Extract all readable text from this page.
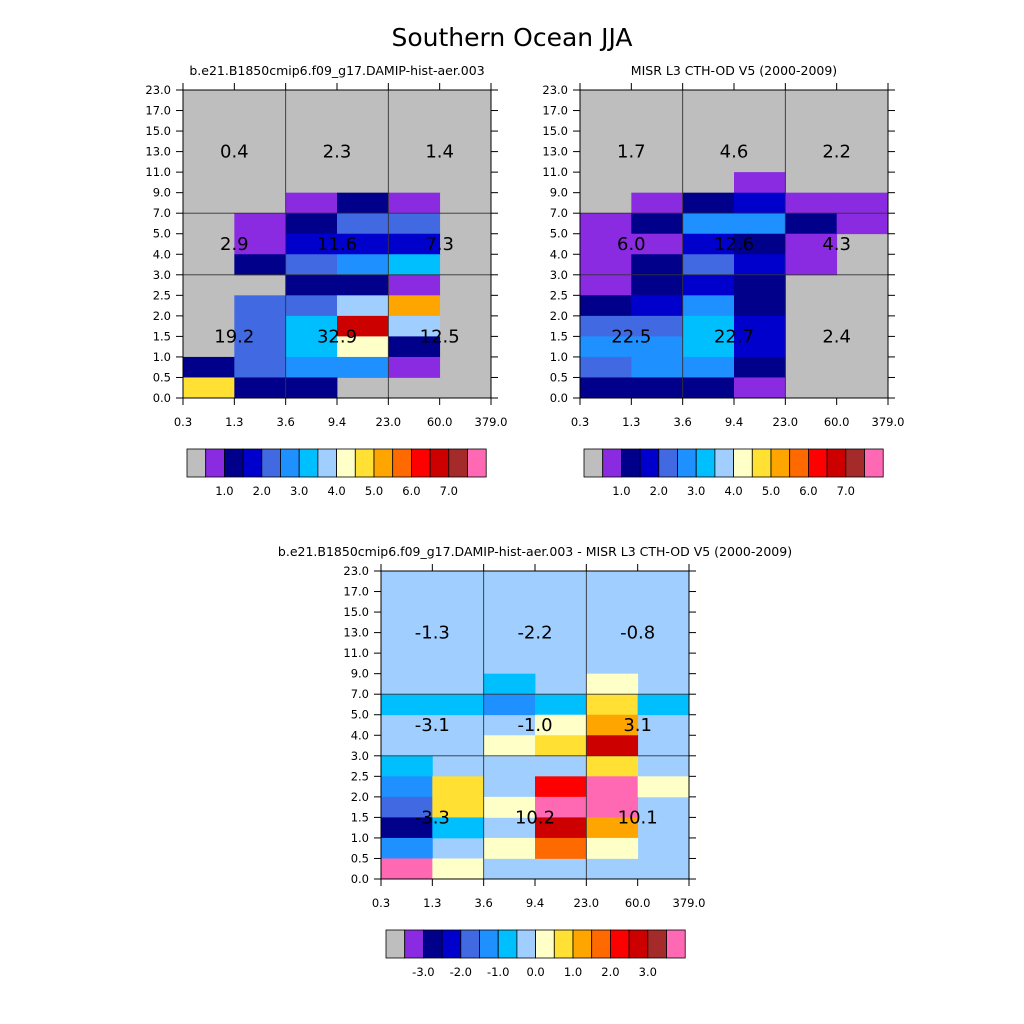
Southern Ocean JJA
b.e21.B1850cmip6.f09_g17.DAMIP-hist-aer.003
0.3	1.3	3.6	9.4	23.0 60.0 379.0
0.0
0.5
1.0
1.5
2.0
2.5
3.0
4.0
5.0
7.0
9.0
11.0
13.0
15.0
17.0
23.0
0.4	2.3	1.4
2.9	11.6	7.3
19.2	32.9	12.5
1.0 2.0 3.0 4.0 5.0 6.0 7.0
MISR L3 CTH-OD V5 (2000-2009)
0.3	1.3	3.6	9.4	23.0 60.0 379.0
0.0
0.5
1.0
1.5
2.0
2.5
3.0
4.0
5.0
7.0
9.0
11.0
13.0
15.0
17.0
23.0
1.7	4.6	2.2
6.0	12.6	4.3
22.5	22.7	2.4
1.0 2.0 3.0 4.0 5.0 6.0 7.0
b.e21.B1850cmip6.f09_g17.DAMIP-hist-aer.003 - MISR L3 CTH-OD V5 (2000-2009)
0.3	1.3	3.6	9.4	23.0 60.0 379.0
0.0
0.5
1.0
1.5
2.0
2.5
3.0
4.0
5.0
7.0
9.0
11.0
13.0
15.0
17.0
23.0
-1.3	-2.2	-0.8
-3.1	-1.0	3.1
-3.3	10.2	10.1
-3.0 -2.0 -1.0 0.0 1.0 2.0 3.0
